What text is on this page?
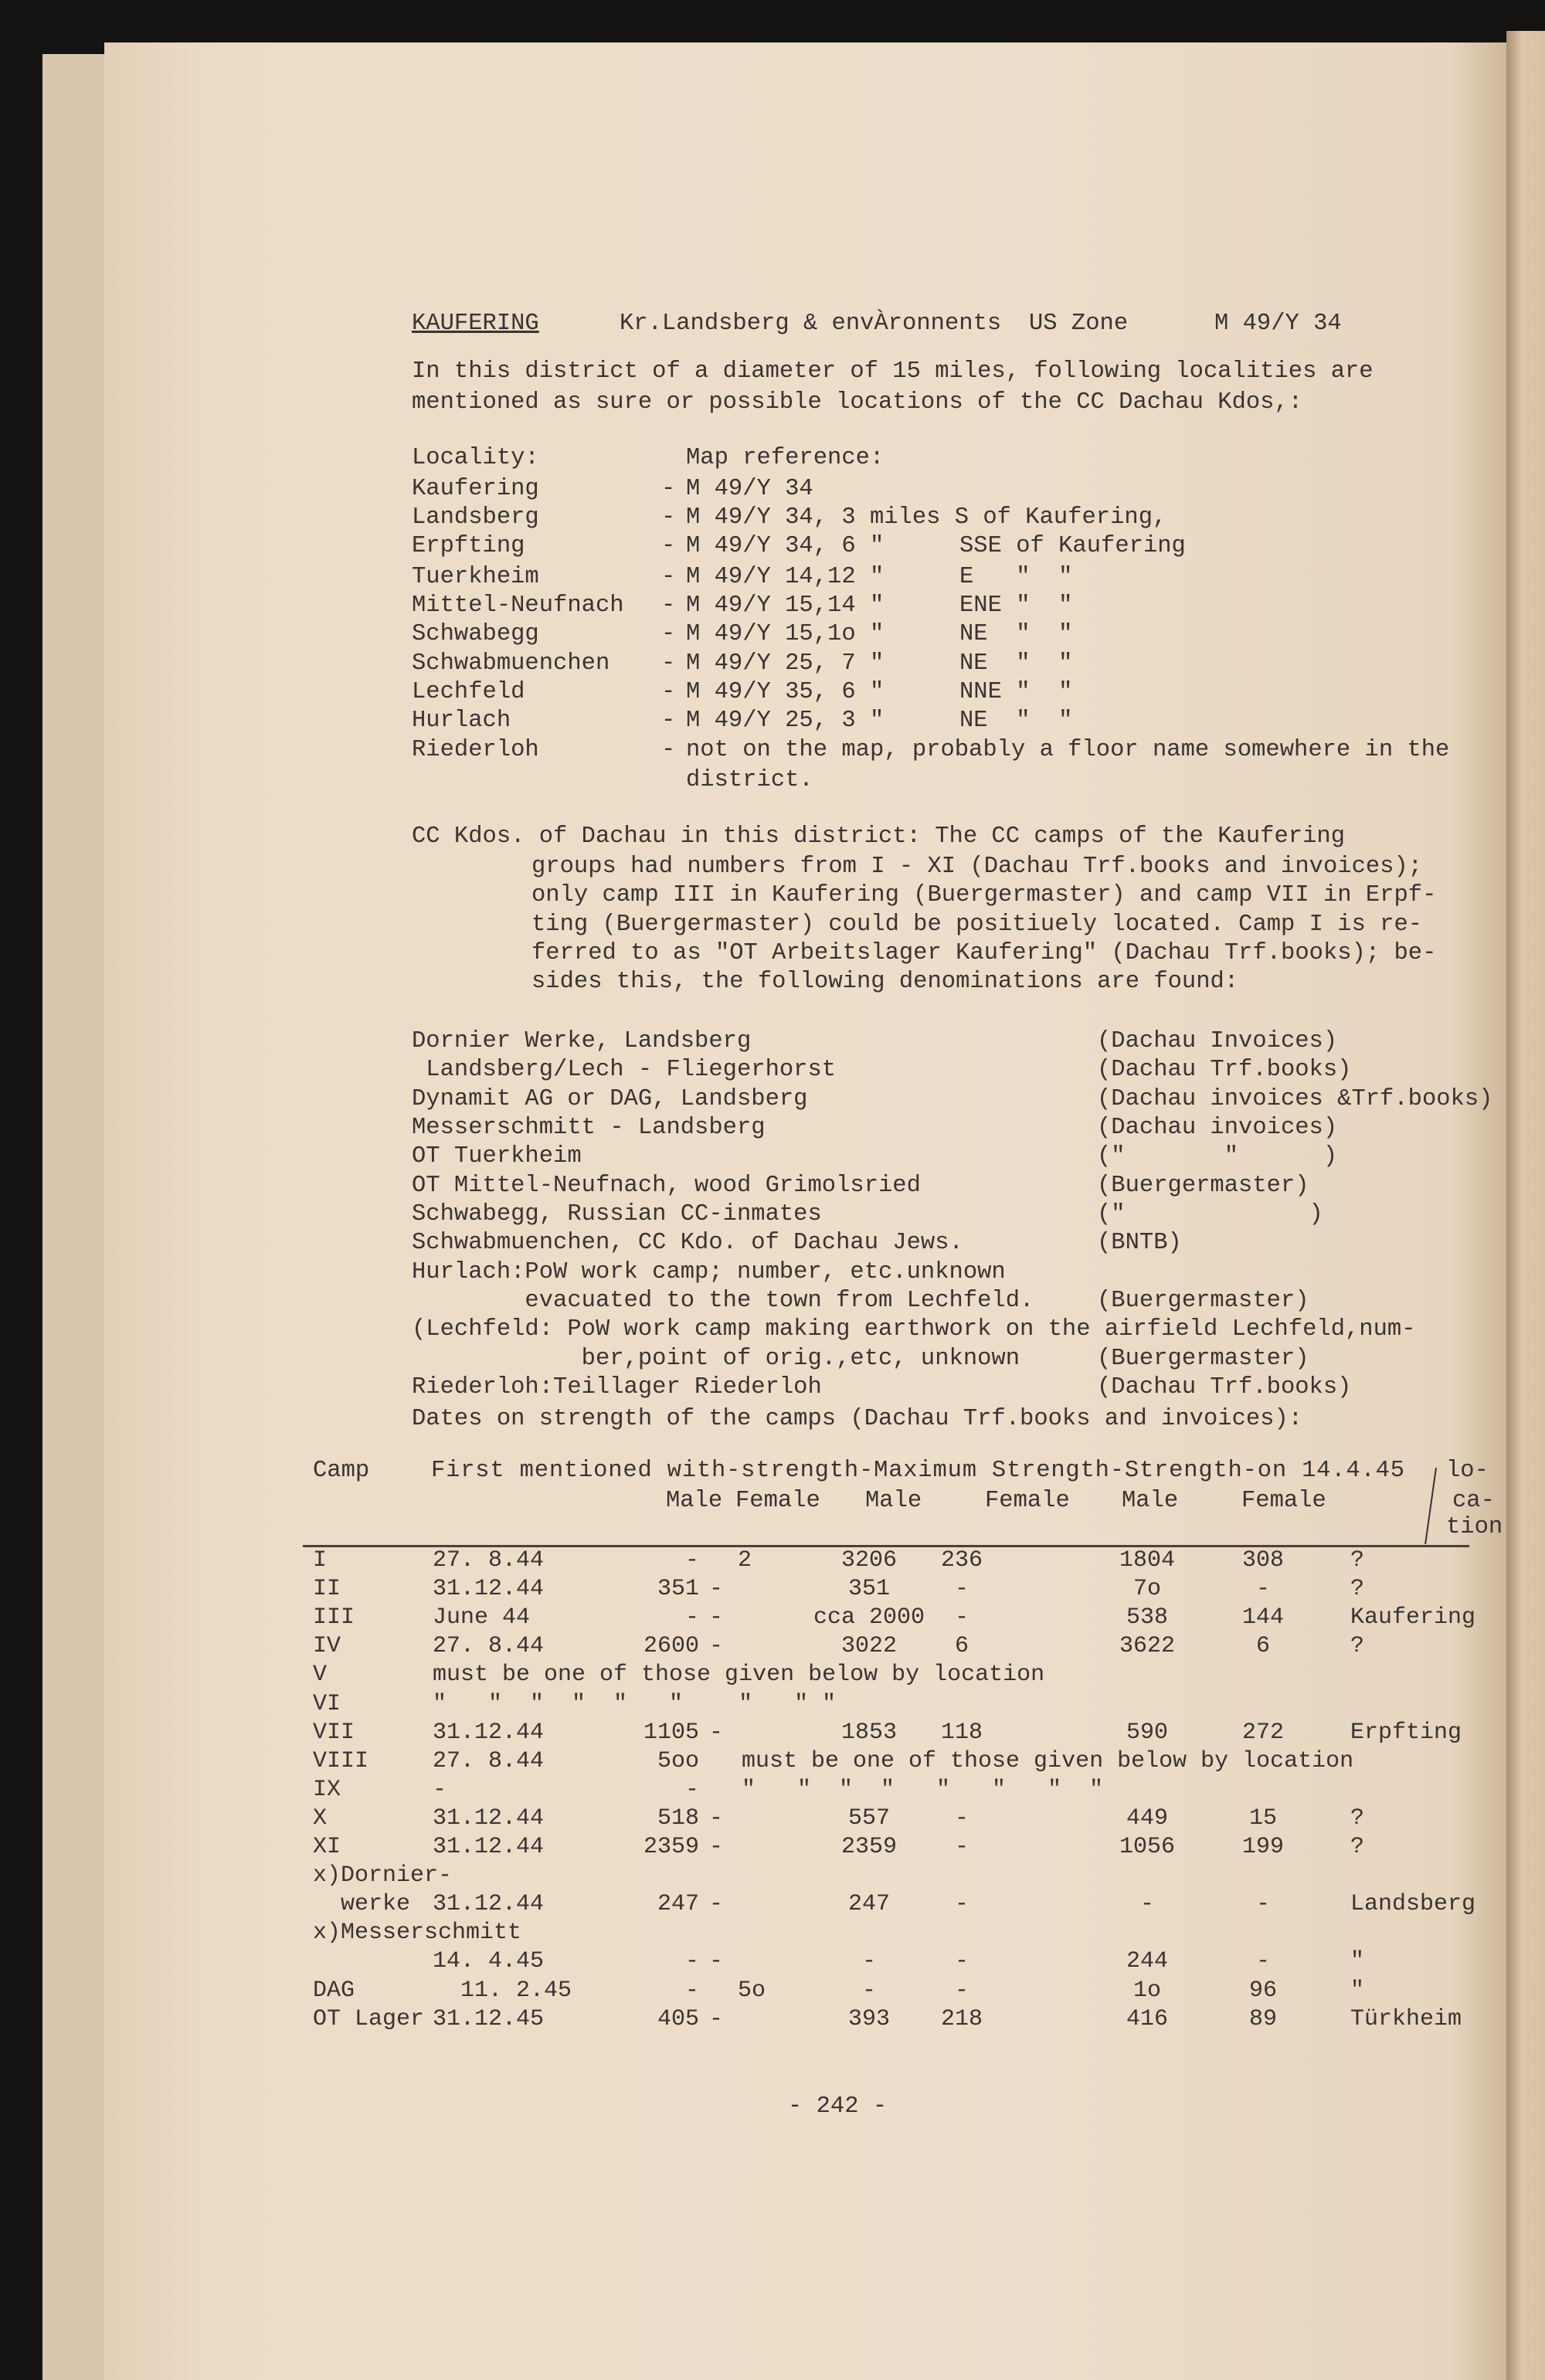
KAUFERING	Kr.Landsberg & envÀronnents US Zone	M 49/Y 34
In this district of a diameter of 15 miles, following localities are
mentioned as sure or possible locations of the CC Dachau Kdos,:
Locality:	Map reference:
Kaufering	- M 49/Y 34
Landsberg	- M 49/Y 34, 3 miles S of Kaufering,
Erpfting	- M 49/Y 34, 6 "	SSE of Kaufering
Tuerkheim	- M 49/Y 14,12 "	E   "  "
Mittel-Neufnach - M 49/Y 15,14 "	ENE "  "
Schwabegg	- M 49/Y 15,1o "	NE  "  "
Schwabmuenchen - M 49/Y 25, 7 "	NE  "  "
Lechfeld	- M 49/Y 35, 6 "	NNE "  "
Hurlach	- M 49/Y 25, 3 "	NE  "  "
Riederloh	- not on the map, probably a floor name somewhere in the
district.
CC Kdos. of Dachau in this district: The CC camps of the Kaufering
groups had numbers from I - XI (Dachau Trf.books and invoices);
only camp III in Kaufering (Buergermaster) and camp VII in Erpf-
ting (Buergermaster) could be positiuely located. Camp I is re-
ferred to as "OT Arbeitslager Kaufering" (Dachau Trf.books); be-
sides this, the following denominations are found:
Dornier Werke, Landsberg	(Dachau Invoices)
Landsberg/Lech - Fliegerhorst	(Dachau Trf.books)
Dynamit AG or DAG, Landsberg	(Dachau invoices &Trf.books)
Messerschmitt - Landsberg	(Dachau invoices)
OT Tuerkheim	("       "      )
OT Mittel-Neufnach, wood Grimolsried	(Buergermaster)
Schwabegg, Russian CC-inmates	("             )
Schwabmuenchen, CC Kdo. of Dachau Jews.	(BNTB)
Hurlach:PoW work camp; number, etc.unknown
evacuated to the town from Lechfeld.	(Buergermaster)
(Lechfeld: PoW work camp making earthwork on the airfield Lechfeld,num-
ber,point of orig.,etc, unknown	(Buergermaster)
Riederloh:Teillager Riederloh	(Dachau Trf.books)
Dates on strength of the camps (Dachau Trf.books and invoices):
Camp	First mentioned with-strength-Maximum Strength-Strength-on 14.4.45 lo-
ca-
tion
Male Female Male	Female Male	Female
I	27. 8.44	- 2	3206	236	1804	308	?
II	31.12.44	351 -	351	-	7o	-	?
III	June 44	- -	cca 2000	-	538	144	Kaufering
IV	27. 8.44	2600 -	3022	6	3622	6	?
V	must be one of those given below by location
VI	"   "  "  "  "   "    "   " "
VII	31.12.44	1105 -	1853	118	590	272	Erpfting
VIII	27. 8.44	5oo must be one of those given below by location
IX	-	- "   "  "  "   "   "   "  "
X	31.12.44	518 -	557	-	449	15	?
XI	31.12.44	2359 -	2359	-	1056	199	?
x)Dornier-
werke 31.12.44	247 -	247	-	-	-	Landsberg
x)Messerschmitt
14. 4.45	- -	-	-	244	-	"
DAG	11. 2.45	- 5o	-	-	1o	96	"
OT Lager 31.12.45	405 -	393	218	416	89	Türkheim
- 242 -
